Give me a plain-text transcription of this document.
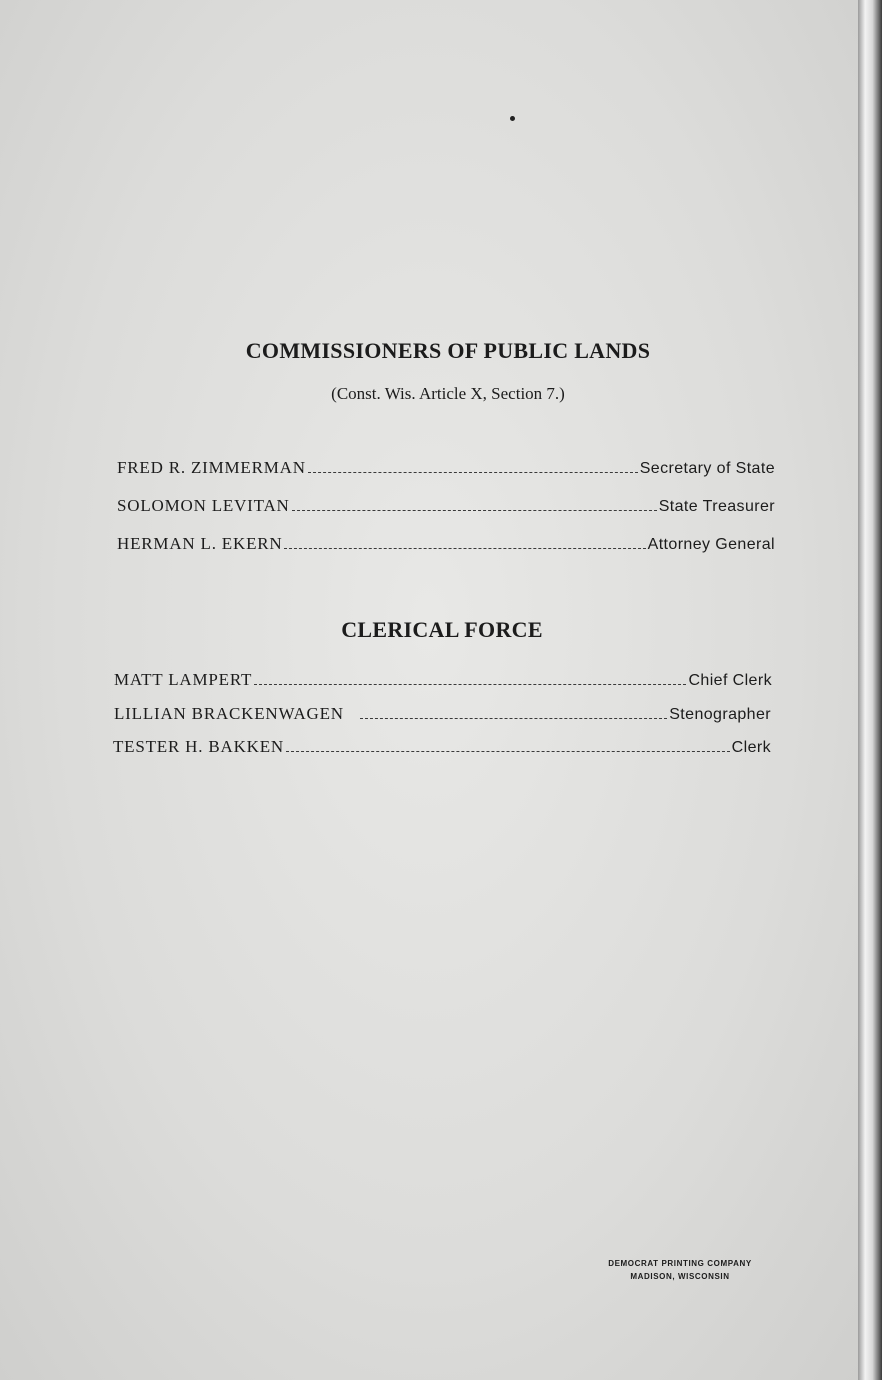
COMMISSIONERS OF PUBLIC LANDS
(Const. Wis. Article X, Section 7.)
FRED R. ZIMMERMAN	Secretary of State
SOLOMON LEVITAN	State Treasurer
HERMAN L. EKERN	Attorney General
CLERICAL FORCE
MATT LAMPERT	Chief Clerk
LILLIAN BRACKENWAGEN	Stenographer
TESTER H. BAKKEN	Clerk
DEMOCRAT PRINTING COMPANY
MADISON, WISCONSIN
